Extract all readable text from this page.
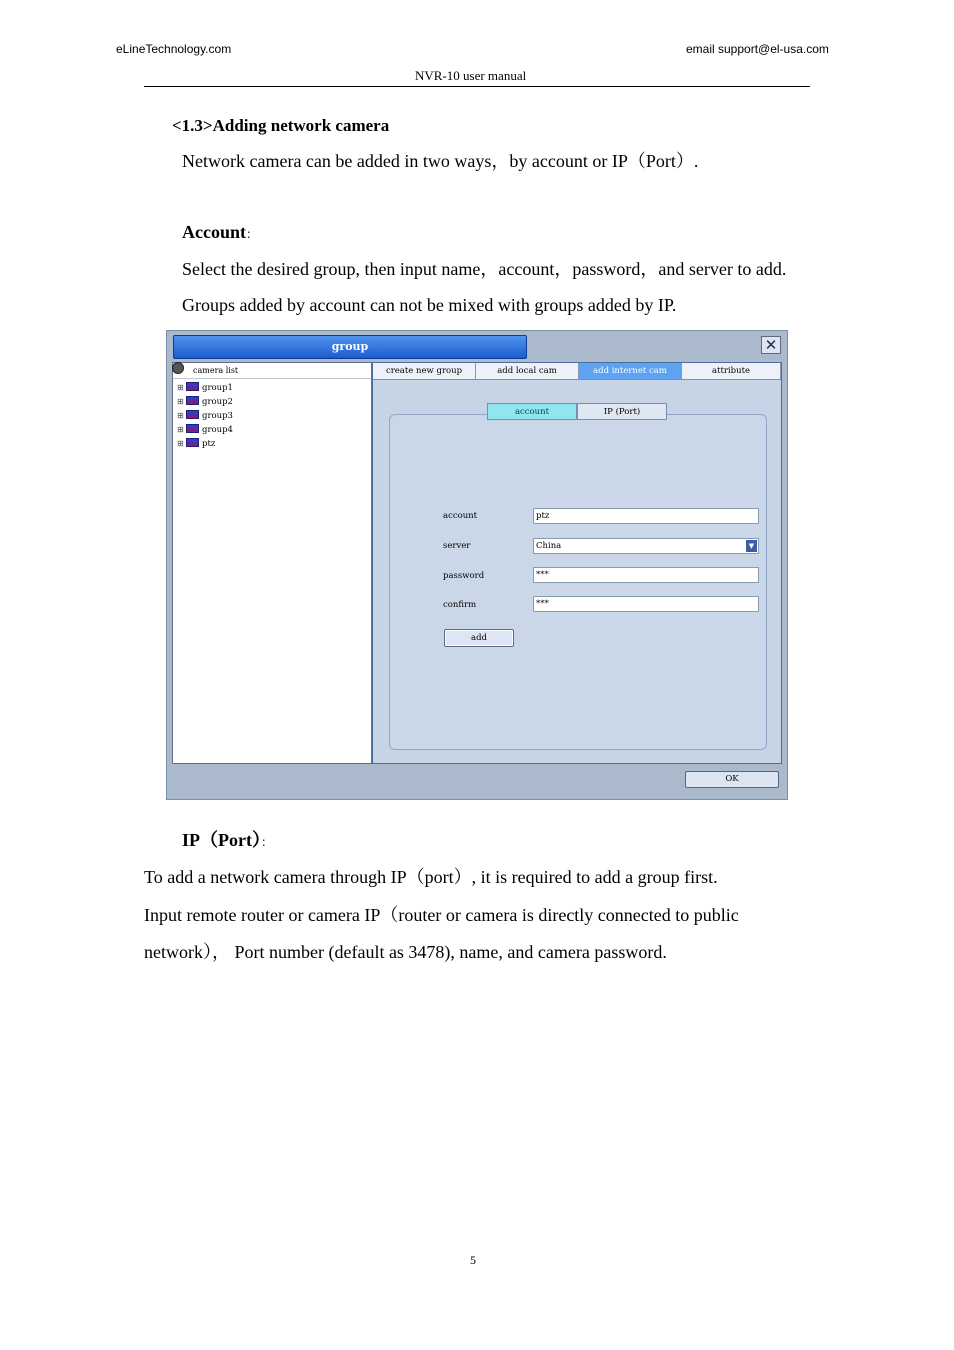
eLineTechnology.com	email support@el-usa.com
NVR-10 user manual
<1.3>Adding network camera
Network camera can be added in two ways，by account or IP（Port）.
Account：
Select the desired group, then input name，account，password，and server to add.
Groups added by account can not be mixed with groups added by IP.
group	✕
camera list
⊞ group1
⊞ group2
⊞ group3
⊞ group4
⊞ ptz
create new group	add local cam	add internet cam	attribute
account	ptz
server	China	▼
password	***
confirm	***
add
account	IP (Port)
OK
IP（Port）：
To add a network camera through IP（port）, it is required to add a group first.
Input remote router or camera IP（router or camera is directly connected to public
network）， Port number (default as 3478), name, and camera password.
5
